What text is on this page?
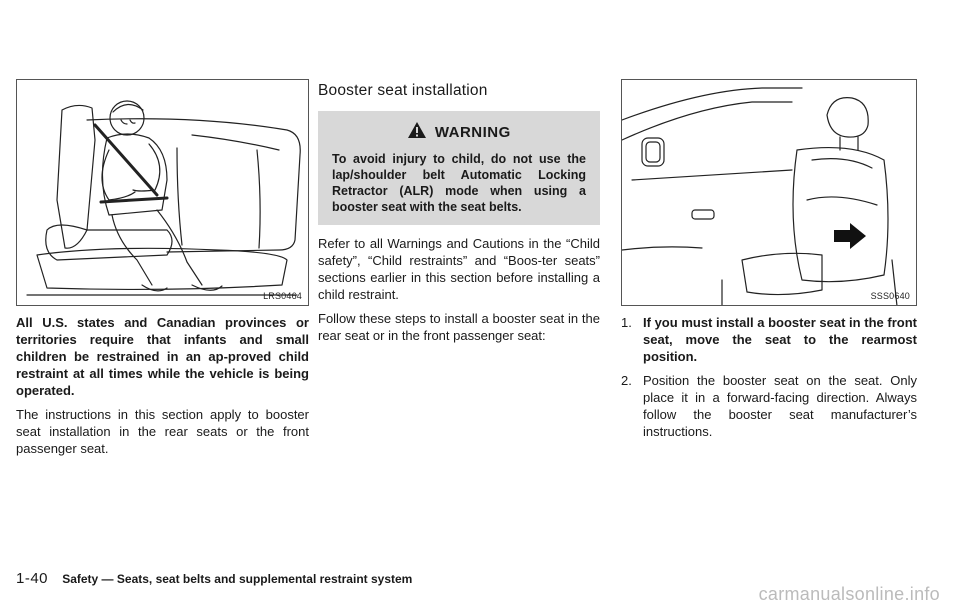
LRS0464

All U.S. states and Canadian provinces or territories require that infants and small children be restrained in an ap-proved child restraint at all times while the vehicle is being operated.

The instructions in this section apply to booster seat installation in the rear seats or the front passenger seat.

Booster seat installation
WARNING
To avoid injury to child, do not use the lap/shoulder belt Automatic Locking Retractor (ALR) mode when using a booster seat with the seat belts.

Refer to all Warnings and Cautions in the “Child safety”, “Child restraints” and “Boos-ter seats” sections earlier in this section before installing a child restraint.

Follow these steps to install a booster seat in the rear seat or in the front passenger seat:

SSS0640
1. If you must install a booster seat in the front seat, move the seat to the rearmost position.
2. Position the booster seat on the seat. Only place it in a forward-facing direction. Always follow the booster seat manufacturer’s instructions.
1-40 Safety — Seats, seat belts and supplemental restraint system
carmanualsonline.info
